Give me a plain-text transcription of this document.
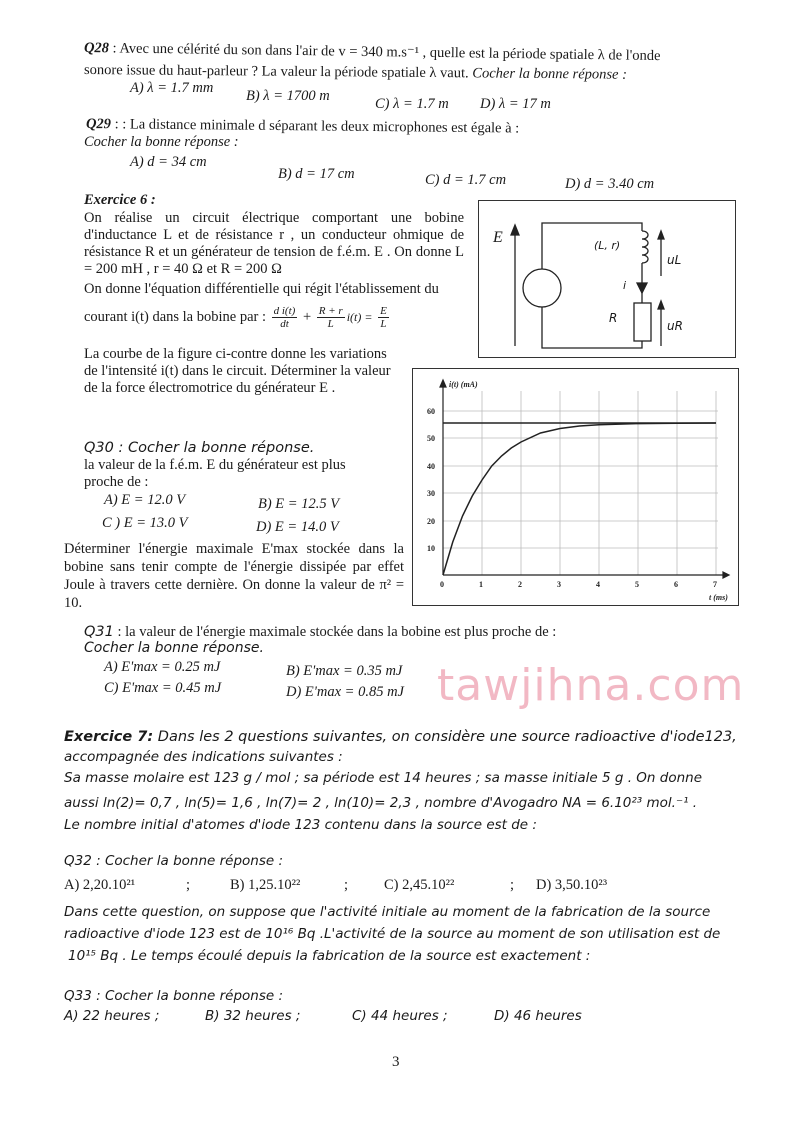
Q28 : Avec une célérité du son dans l'air de v = 340 m.s⁻¹ , quelle est la période spatiale λ de l'onde
sonore issue du haut-parleur ? La valeur la période spatiale λ vaut. Cocher la bonne réponse :
A) λ = 1.7 mm B) λ = 1700 m	C) λ = 1.7 m D) λ = 17 m
Q29 : : La distance minimale d séparant les deux microphones est égale à :
Cocher la bonne réponse :
A) d = 34 cm
B) d = 17 cm	C) d = 1.7 cm	D) d = 3.40 cm
Exercice 6 :
On réalise un circuit électrique comportant une bobine d'inductance L et de résistance r , un conducteur ohmique de résistance R et un générateur de tension de f.é.m. E . On donne L = 200 mH , r = 40 Ω et R = 200 Ω
On donne l'équation différentielle qui régit l'établissement du
courant i(t) dans la bobine par : $\frac{\text{d i(t)}}{dt} + \frac{R + r}{L} i(t) = \frac{E}{L}$
La courbe de la figure ci-contre donne les variations de l'intensité i(t) dans le circuit. Déterminer la valeur de la force électromotrice du générateur E .
E	(L, r)
uL
i
R
uR
60
50
40
30
20
10
0	1	2	3	4	5	6	7
i(t) (mA)
t (ms)
Q30 : Cocher la bonne réponse.
la valeur de la f.é.m. E du générateur est plus proche de :
A) E = 12.0 V	B) E = 12.5 V
C ) E = 13.0 V	D) E = 14.0 V
Déterminer l'énergie maximale E'max stockée dans la bobine sans tenir compte de l'énergie dissipée par effet Joule à travers cette dernière. On donne la valeur de π² = 10.
Q31 : la valeur de l'énergie maximale stockée dans la bobine est plus proche de :
Cocher la bonne réponse.
A) E'max = 0.25 mJ	B) E'max = 0.35 mJ
C) E'max = 0.45 mJ	D) E'max = 0.85 mJ tawjihna.com
Exercice 7: Dans les 2 questions suivantes, on considère une source radioactive d'iode123,
accompagnée des indications suivantes :
Sa masse molaire est 123 g / mol ; sa période est 14 heures ; sa masse initiale 5 g . On donne
aussi ln(2)= 0,7 , ln(5)= 1,6 , ln(7)= 2 , ln(10)= 2,3 , nombre d'Avogadro NA = 6.10²³ mol.⁻¹ .
Le nombre initial d'atomes d'iode 123 contenu dans la source est de :
Q32 : Cocher la bonne réponse :
A) 2,20.10²¹	;	B) 1,25.10²²	; C) 2,45.10²²	; D) 3,50.10²³
Dans cette question, on suppose que l'activité initiale au moment de la fabrication de la source
radioactive d'iode 123 est de 10¹⁶ Bq .L'activité de la source au moment de son utilisation est de
10¹⁵ Bq . Le temps écoulé depuis la fabrication de la source est exactement :
Q33 : Cocher la bonne réponse :
A) 22 heures ;	B) 32 heures ;	C) 44 heures ;	D) 46 heures
3
